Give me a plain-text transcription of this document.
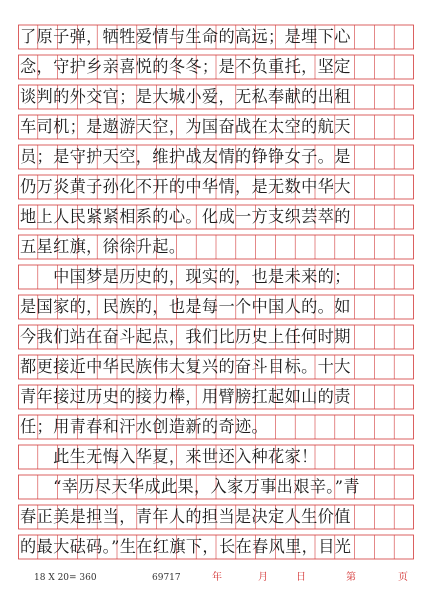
了原子弹，牺牲爱情与生命的高远；是埋下心
念，守护乡亲喜悦的冬冬；是不负重托，坚定
谈判的外交官；是大城小爱，无私奉献的出租
车司机；是遨游天空，为国奋战在太空的航天
员；是守护天空，维护战友情的铮铮女子。是
仍万炎黄子孙化不开的中华情，是无数中华大
地上人民紧紧相系的心。化成一方支织芸萃的
五星红旗，徐徐升起。
　　中国梦是历史的，现实的，也是未来的；
是国家的，民族的，也是每一个中国人的。如
今我们站在奋斗起点，我们比历史上任何时期
都更接近中华民族伟大复兴的奋斗目标。十大
青年接过历史的接力棒，用臂膀扛起如山的责
任；用青春和汗水创造新的奇迹。
　　此生无悔入华夏，来世还入种花家！
　　“幸历尽天华成此果，入家万事出艰辛。”青
春正美是担当，青年人的担当是决定人生价值
的最大砝码。”生在红旗下，长在春风里，目光
18 X 20= 360	69717	年	月	日	第	页
